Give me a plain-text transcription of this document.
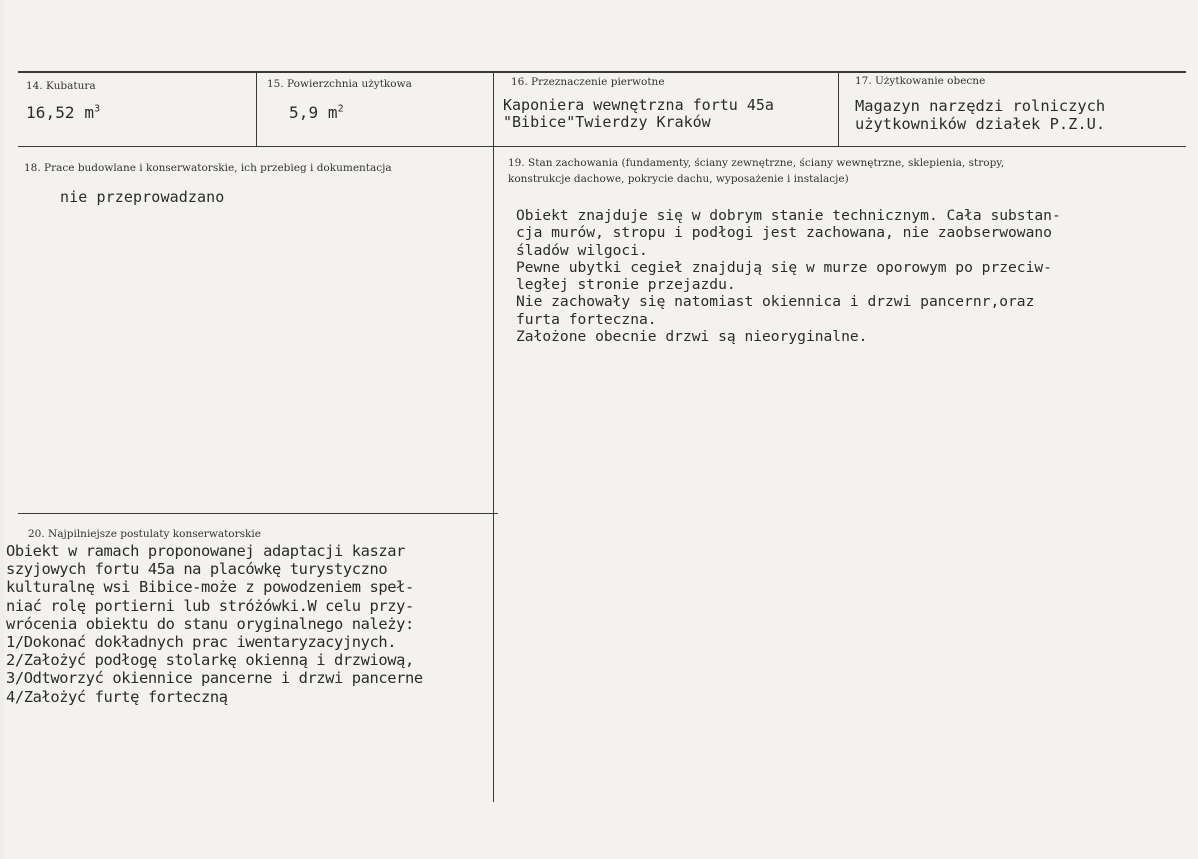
14. Kubatura
16,52 $m^3$
15. Powierzchnia użytkowa
5,9 $m^2$
16. Przeznaczenie pierwotne
Kaponiera wewnętrzna fortu 45a
"Bibice"Twierdzy Kraków
17. Użytkowanie obecne
Magazyn narzędzi rolniczych
użytkowników działek P.Z.U.
18. Prace budowlane i konserwatorskie, ich przebieg i dokumentacja
nie przeprowadzano
19. Stan zachowania (fundamenty, ściany zewnętrzne, ściany wewnętrzne, sklepienia, stropy,
konstrukcje dachowe, pokrycie dachu, wyposażenie i instalacje)
Obiekt znajduje się w dobrym stanie technicznym. Cała substan-
cja murów, stropu i podłogi jest zachowana, nie zaobserwowano
śladów wilgoci.
Pewne ubytki cegieł znajdują się w murze oporowym po przeciw-
ległej stronie przejazdu.
Nie zachowały się natomiast okiennica i drzwi pancernr,oraz
furta forteczna.
Założone obecnie drzwi są nieoryginalne.
20. Najpilniejsze postulaty konserwatorskie
Obiekt w ramach proponowanej adaptacji kaszar
szyjowych fortu 45a na placówkę turystyczno
kulturalnę wsi Bibice-może z powodzeniem speł-
niać rolę portierni lub stróżówki.W celu przy-
wrócenia obiektu do stanu oryginalnego należy:
1/Dokonać dokładnych prac iwentaryzacyjnych.
2/Założyć podłogę stolarkę okienną i drzwiową,
3/Odtworzyć okiennice pancerne i drzwi pancerne
4/Założyć furtę forteczną
